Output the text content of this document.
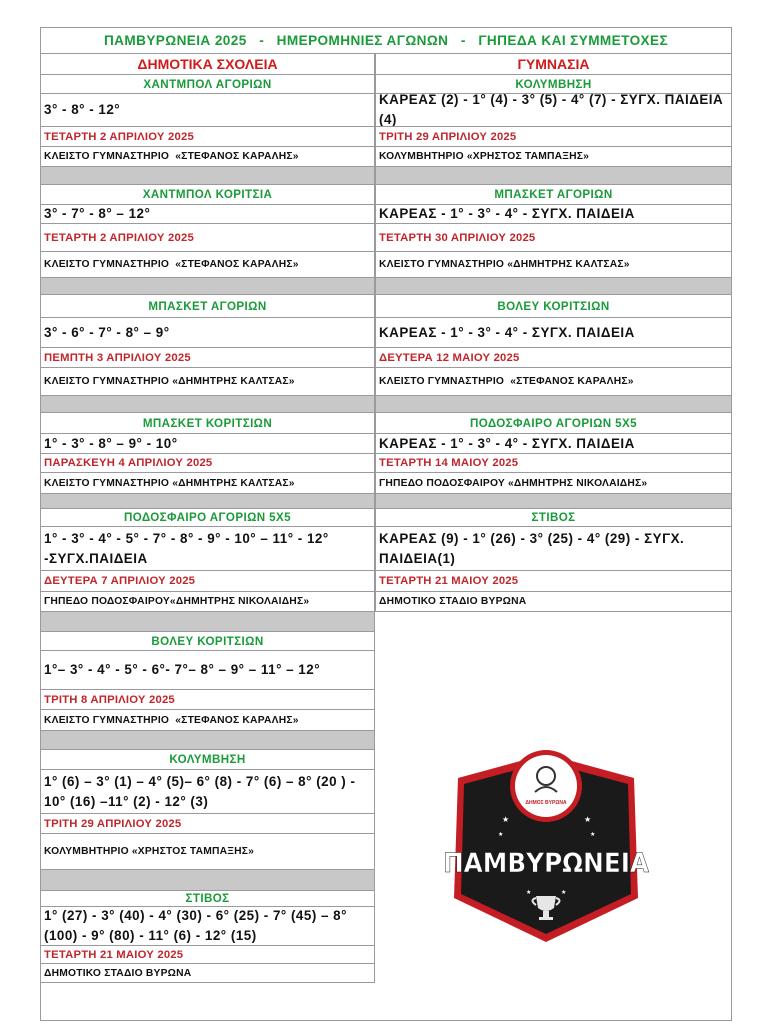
ΠΑΜΒΥΡΩΝΕΙΑ 2025   -   ΗΜΕΡΟΜΗΝΙΕΣ ΑΓΩΝΩΝ   -   ΓΗΠΕΔΑ ΚΑΙ ΣΥΜΜΕΤΟΧΕΣ
ΔΗΜΟΤΙΚΑ ΣΧΟΛΕΙΑ
ΧΑΝΤΜΠΟΛ ΑΓΟΡΙΩΝ
3° - 8° - 12°
ΤΕΤΑΡΤΗ 2 ΑΠΡΙΛΙΟΥ 2025
ΚΛΕΙΣΤΟ ΓΥΜΝΑΣΤΗΡΙΟ  «ΣΤΕΦΑΝΟΣ ΚΑΡΑΛΗΣ»
ΧΑΝΤΜΠΟΛ ΚΟΡΙΤΣΙΑ
3° - 7° - 8° – 12°
ΤΕΤΑΡΤΗ 2 ΑΠΡΙΛΙΟΥ 2025
ΚΛΕΙΣΤΟ ΓΥΜΝΑΣΤΗΡΙΟ  «ΣΤΕΦΑΝΟΣ ΚΑΡΑΛΗΣ»
ΜΠΑΣΚΕΤ ΑΓΟΡΙΩΝ
3° - 6° - 7° - 8° – 9°
ΠΕΜΠΤΗ 3 ΑΠΡΙΛΙΟΥ 2025
ΚΛΕΙΣΤΟ ΓΥΜΝΑΣΤΗΡΙΟ «ΔΗΜΗΤΡΗΣ ΚΑΛΤΣΑΣ»
ΜΠΑΣΚΕΤ ΚΟΡΙΤΣΙΩΝ
1° - 3° - 8° – 9° - 10°
ΠΑΡΑΣΚΕΥΗ 4 ΑΠΡΙΛΙΟΥ 2025
ΚΛΕΙΣΤΟ ΓΥΜΝΑΣΤΗΡΙΟ «ΔΗΜΗΤΡΗΣ ΚΑΛΤΣΑΣ»
ΠΟΔΟΣΦΑΙΡΟ ΑΓΟΡΙΩΝ 5Χ5
1° - 3° - 4° - 5° - 7° - 8° - 9° - 10° – 11° - 12° -ΣΥΓΧ.ΠΑΙΔΕΙΑ
ΔΕΥΤΕΡΑ 7 ΑΠΡΙΛΙΟΥ 2025
ΓΗΠΕΔΟ ΠΟΔΟΣΦΑΙΡΟΥ«ΔΗΜΗΤΡΗΣ ΝΙΚΟΛΑΙΔΗΣ»
ΒΟΛΕΥ ΚΟΡΙΤΣΙΩΝ
1°– 3° - 4° - 5° - 6°- 7°– 8° – 9° – 11° – 12°
ΤΡΙΤΗ 8 ΑΠΡΙΛΙΟΥ 2025
ΚΛΕΙΣΤΟ ΓΥΜΝΑΣΤΗΡΙΟ  «ΣΤΕΦΑΝΟΣ ΚΑΡΑΛΗΣ»
ΚΟΛΥΜΒΗΣΗ
1° (6) – 3° (1) – 4° (5)– 6° (8) - 7° (6) – 8° (20 ) - 10° (16) –11° (2) - 12° (3)
ΤΡΙΤΗ 29 ΑΠΡΙΛΙΟΥ 2025
ΚΟΛΥΜΒΗΤΗΡΙΟ «ΧΡΗΣΤΟΣ ΤΑΜΠΑΞΗΣ»
ΣΤΙΒΟΣ
1° (27) - 3° (40) - 4° (30) - 6° (25) - 7° (45) – 8° (100) - 9° (80) - 11° (6) - 12° (15)
ΤΕΤΑΡΤΗ 21 ΜΑΙΟΥ 2025
ΔΗΜΟΤΙΚΟ ΣΤΑΔΙΟ ΒΥΡΩΝΑ
ΓΥΜΝΑΣΙΑ
ΚΟΛΥΜΒΗΣΗ
ΚΑΡΕΑΣ (2) - 1° (4) - 3° (5) - 4° (7) - ΣΥΓΧ. ΠΑΙΔΕΙΑ (4)
ΤΡΙΤΗ 29 ΑΠΡΙΛΙΟΥ 2025
ΚΟΛΥΜΒΗΤΗΡΙΟ «ΧΡΗΣΤΟΣ ΤΑΜΠΑΞΗΣ»
ΜΠΑΣΚΕΤ ΑΓΟΡΙΩΝ
ΚΑΡΕΑΣ - 1° - 3° - 4° - ΣΥΓΧ. ΠΑΙΔΕΙΑ
ΤΕΤΑΡΤΗ 30 ΑΠΡΙΛΙΟΥ 2025
ΚΛΕΙΣΤΟ ΓΥΜΝΑΣΤΗΡΙΟ «ΔΗΜΗΤΡΗΣ ΚΑΛΤΣΑΣ»
ΒΟΛΕΥ ΚΟΡΙΤΣΙΩΝ
ΚΑΡΕΑΣ - 1° - 3° - 4° - ΣΥΓΧ. ΠΑΙΔΕΙΑ
ΔΕΥΤΕΡΑ 12 ΜΑΙΟΥ 2025
ΚΛΕΙΣΤΟ ΓΥΜΝΑΣΤΗΡΙΟ  «ΣΤΕΦΑΝΟΣ ΚΑΡΑΛΗΣ»
ΠΟΔΟΣΦΑΙΡΟ ΑΓΟΡΙΩΝ 5Χ5
ΚΑΡΕΑΣ - 1° - 3° - 4° - ΣΥΓΧ. ΠΑΙΔΕΙΑ
ΤΕΤΑΡΤΗ 14 ΜΑΙΟΥ 2025
ΓΗΠΕΔΟ ΠΟΔΟΣΦΑΙΡΟΥ «ΔΗΜΗΤΡΗΣ ΝΙΚΟΛΑΙΔΗΣ»
ΣΤΙΒΟΣ
ΚΑΡΕΑΣ (9) - 1° (26) - 3° (25) - 4° (29) - ΣΥΓΧ. ΠΑΙΔΕΙΑ(1)
ΤΕΤΑΡΤΗ 21 ΜΑΙΟΥ 2025
ΔΗΜΟΤΙΚΟ ΣΤΑΔΙΟ ΒΥΡΩΝΑ
ΔΗΜΟΣ ΒΥΡΩΝΑ
★	★
★	★
ΠΑΜΒΥΡΩΝΕΙΑ
★	★
